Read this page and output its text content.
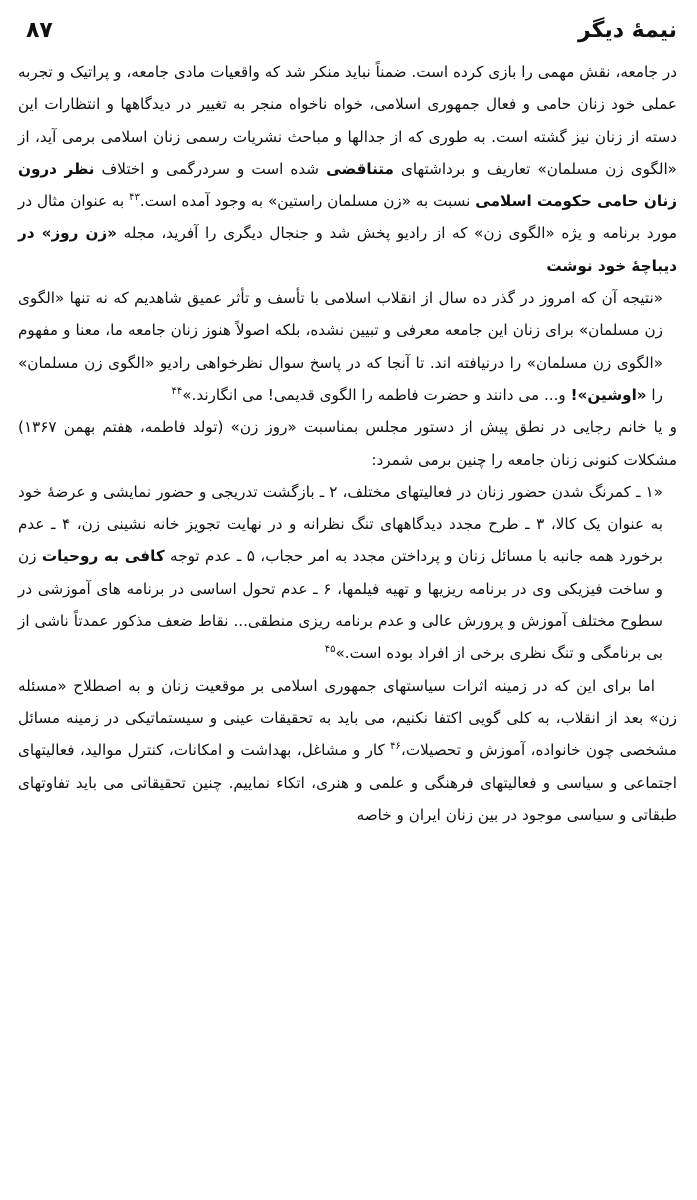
نیمهٔ دیگر
۸۷

در جامعه، نقش مهمی را بازی کرده است. ضمناً نباید منکر شد که واقعیات مادی جامعه، و پراتیک و تجربه عملی خود زنان حامی و فعال جمهوری اسلامی، خواه ناخواه منجر به تغییر در دیدگاهها و انتظارات این دسته از زنان نیز گشته است. به طوری که از جدالها و مباحث نشریات رسمی زنان اسلامی برمی آید، از «الگوی زن مسلمان» تعاریف و برداشتهای متناقضی شده است و سردرگمی و اختلاف نظر درون زنان حامی حکومت اسلامی نسبت به «زن مسلمان راستین» به وجود آمده است.$^{۴۳}$ به عنوان مثال در مورد برنامه و یژه «الگوی زن» که از رادیو پخش شد و جنجال دیگری را آفرید، مجله «زن روز» در دیباچهٔ خود نوشت

«نتیجه آن که امروز در گذر ده سال از انقلاب اسلامی با تأسف و تأثر عمیق شاهدیم که نه تنها «الگوی زن مسلمان» برای زنان این جامعه معرفی و تبیین نشده، بلکه اصولاً هنوز زنان جامعه ما، معنا و مفهوم «الگوی زن مسلمان» را درنیافته اند. تا آنجا که در پاسخ سوال نظرخواهی رادیو «الگوی زن مسلمان» را «اوشین»! و... می دانند و حضرت فاطمه را الگوی قدیمی! می انگارند.»$^{۴۴}$

و یا خانم رجایی در نطق پیش از دستور مجلس بمناسبت «روز زن» (تولد فاطمه، هفتم بهمن ۱۳۶۷) مشکلات کنونی زنان جامعه را چنین برمی شمرد:

«۱ ـ کمرنگ شدن حضور زنان در فعالیتهای مختلف، ۲ ـ بازگشت تدریجی و حضور نمایشی و عرضهٔ خود به عنوان یک کالا، ۳ ـ طرح مجدد دیدگاههای تنگ نظرانه و در نهایت تجویز خانه نشینی زن، ۴ ـ عدم برخورد همه جانبه با مسائل زنان و پرداختن مجدد به امر حجاب، ۵ ـ عدم توجه کافی به روحیات زن و ساخت فیزیکی وی در برنامه ریزیها و تهیه فیلمها، ۶ ـ عدم تحول اساسی در برنامه های آموزشی در سطوح مختلف آموزش و پرورش عالی و عدم برنامه ریزی منطقی... نقاط ضعف مذکور عمدتاً ناشی از بی برنامگی و تنگ نظری برخی از افراد بوده است.»$^{۴۵}$

اما برای این که در زمینه اثرات سیاستهای جمهوری اسلامی بر موقعیت زنان و به اصطلاح «مسئله زن» بعد از انقلاب، به کلی گویی اکتفا نکنیم، می باید به تحقیقات عینی و سیستماتیکی در زمینه مسائل مشخصی چون خانواده، آموزش و تحصیلات،$^{۴۶}$ کار و مشاغل، بهداشت و امکانات، کنترل موالید، فعالیتهای اجتماعی و سیاسی و فعالیتهای فرهنگی و علمی و هنری، اتکاء نماییم. چنین تحقیقاتی می باید تفاوتهای طبقاتی و سیاسی موجود در بین زنان ایران و خاصه
